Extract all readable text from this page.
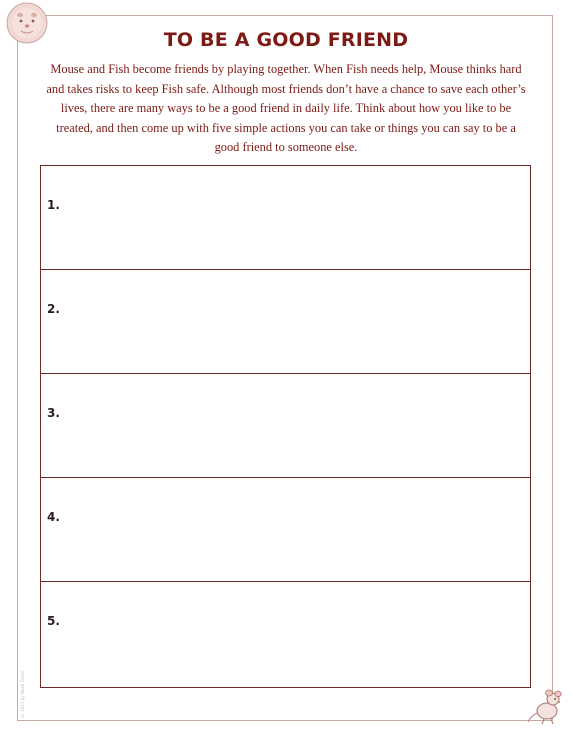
TO BE A GOOD FRIEND

Mouse and Fish become friends by playing together. When Fish needs help, Mouse thinks hard and takes risks to keep Fish safe. Although most friends don’t have a chance to save each other’s lives, there are many ways to be a good friend in daily life. Think about how you like to be treated, and then come up with five simple actions you can take or things you can say to be a good friend to someone else.

1.
2.
3.
4.
5.
© 2023 by Noah Grant
